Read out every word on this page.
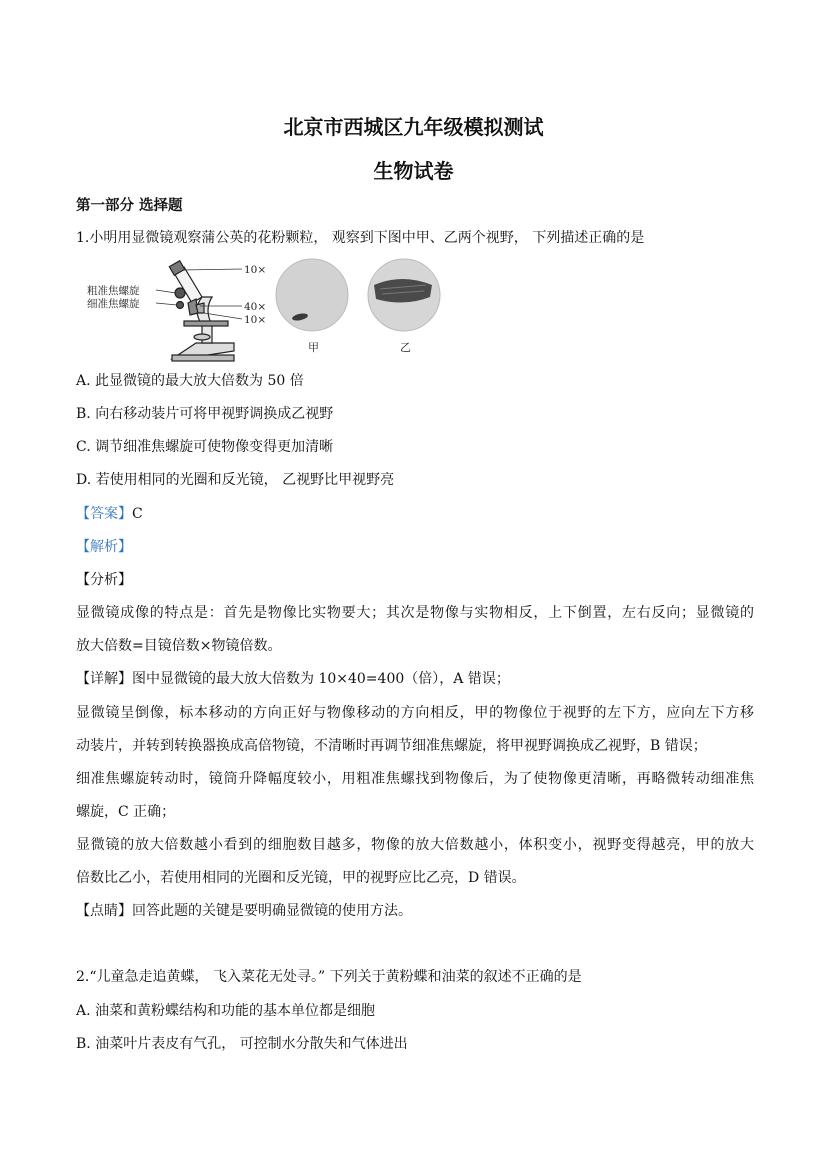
北京市西城区九年级模拟测试
生物试卷
第一部分 选择题
1.小明用显微镜观察蒲公英的花粉颗粒， 观察到下图中甲、乙两个视野， 下列描述正确的是
粗准焦螺旋
细准焦螺旋
10×
40×
10×
甲	乙
A. 此显微镜的最大放大倍数为 50 倍
B. 向右移动装片可将甲视野调换成乙视野
C. 调节细准焦螺旋可使物像变得更加清晰
D. 若使用相同的光圈和反光镜， 乙视野比甲视野亮
【答案】C
【解析】
【分析】
显微镜成像的特点是：首先是物像比实物要大；其次是物像与实物相反，上下倒置，左右反向；显微镜的
放大倍数=目镜倍数×物镜倍数。
【详解】图中显微镜的最大放大倍数为 10×40=400（倍），A 错误；
显微镜呈倒像，标本移动的方向正好与物像移动的方向相反，甲的物像位于视野的左下方，应向左下方移
动装片，并转到转换器换成高倍物镜，不清晰时再调节细准焦螺旋，将甲视野调换成乙视野，B 错误；
细准焦螺旋转动时，镜筒升降幅度较小，用粗准焦螺找到物像后，为了使物像更清晰，再略微转动细准焦
螺旋，C 正确；
显微镜的放大倍数越小看到的细胞数目越多，物像的放大倍数越小，体积变小，视野变得越亮，甲的放大
倍数比乙小，若使用相同的光圈和反光镜，甲的视野应比乙亮，D 错误。
【点睛】回答此题的关键是要明确显微镜的使用方法。
2.“儿童急走追黄蝶， 飞入菜花无处寻。” 下列关于黄粉蝶和油菜的叙述不正确的是
A. 油菜和黄粉蝶结构和功能的基本单位都是细胞
B. 油菜叶片表皮有气孔， 可控制水分散失和气体进出
